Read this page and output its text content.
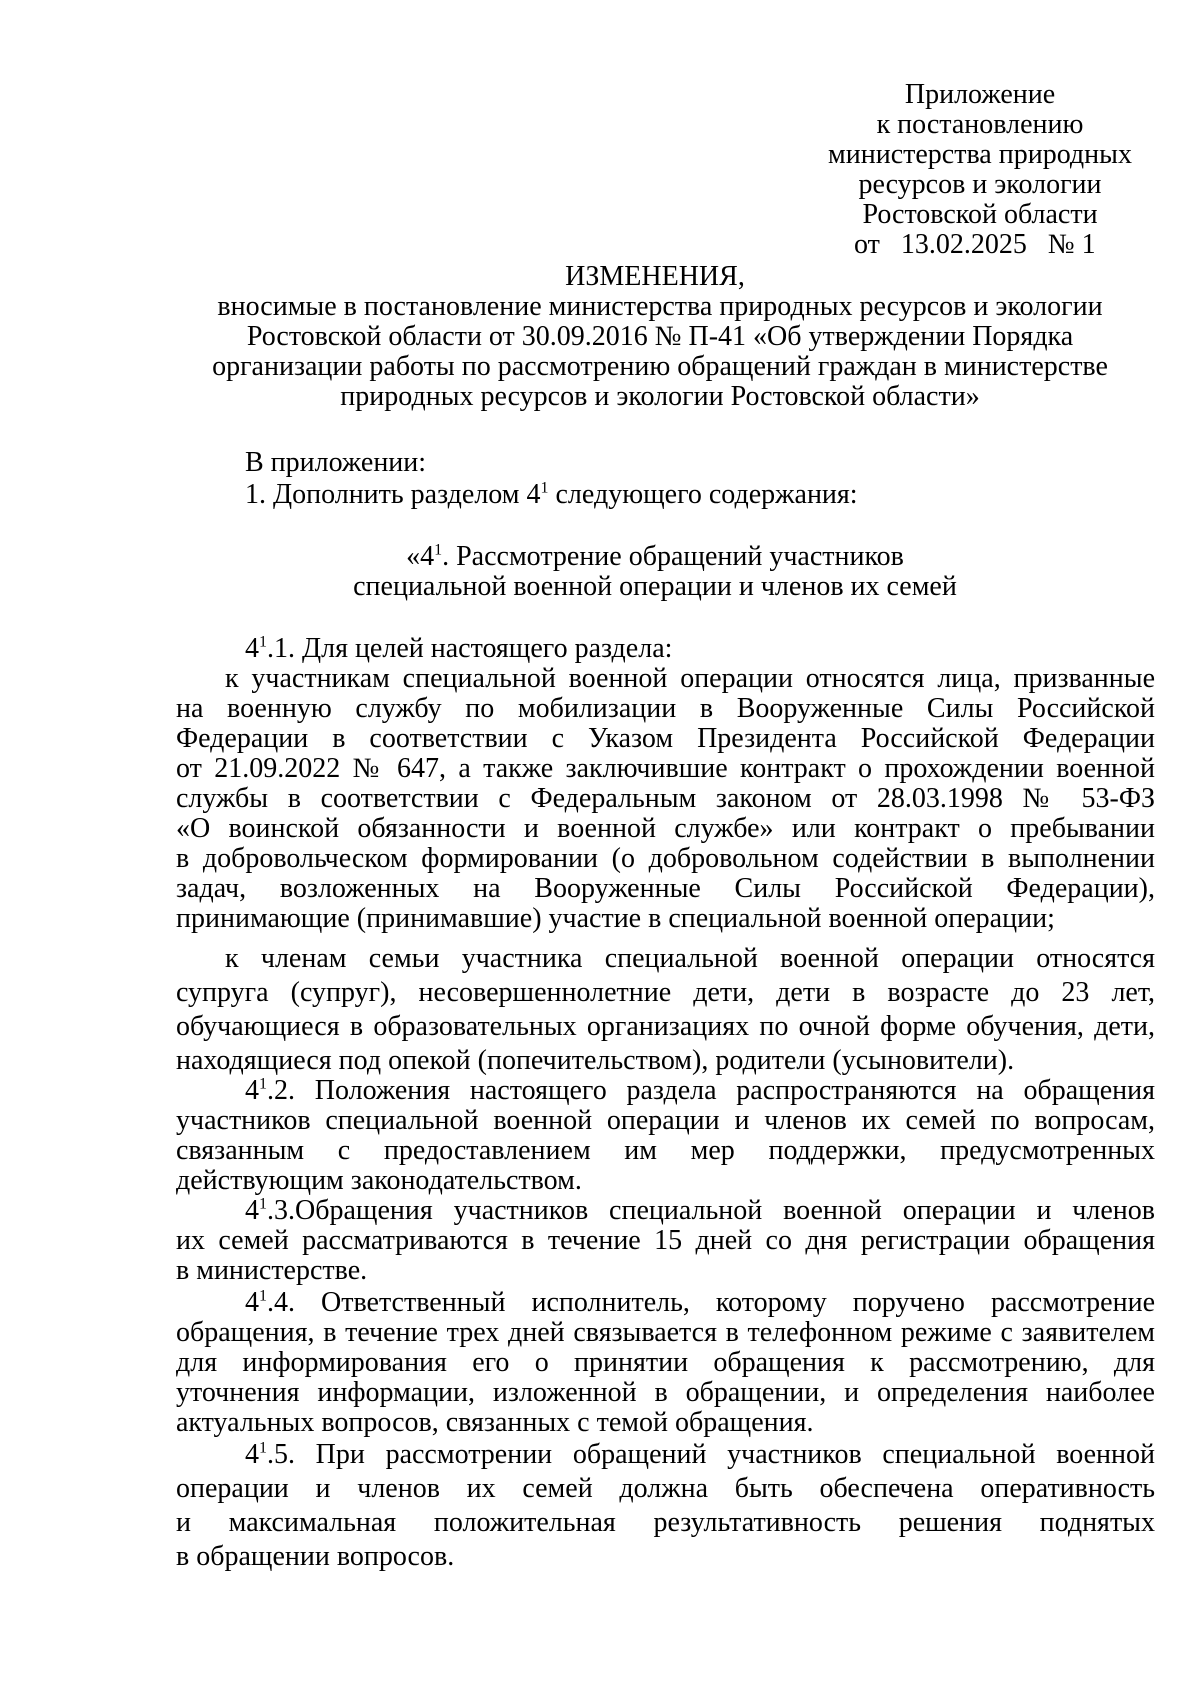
Приложение
к постановлению
министерства природных
ресурсов и экологии
Ростовской области
от   13.02.2025   № 1
ИЗМЕНЕНИЯ,
вносимые в постановление министерства природных ресурсов и экологии
Ростовской области от 30.09.2016 № П-41 «Об утверждении Порядка
организации работы по рассмотрению обращений граждан в министерстве
природных ресурсов и экологии Ростовской области»
В приложении:
1. Дополнить разделом $4^1$ следующего содержания:
«$4^1$. Рассмотрение обращений участников
специальной военной операции и членов их семей
$4^1.1$. Для целей настоящего раздела:
к участникам специальной военной операции относятся лица, призванные
на военную службу по мобилизации в Вооруженные Силы Российской
Федерации в соответствии с Указом Президента Российской Федерации
от 21.09.2022 № 647, а также заключившие контракт о прохождении военной
службы в соответствии с Федеральным законом от 28.03.1998 № 53-ФЗ
«О воинской обязанности и военной службе» или контракт о пребывании
в добровольческом формировании (о добровольном содействии в выполнении
задач, возложенных на Вооруженные Силы Российской Федерации),
принимающие (принимавшие) участие в специальной военной операции;
к членам семьи участника специальной военной операции относятся
супруга (супруг), несовершеннолетние дети, дети в возрасте до 23 лет,
обучающиеся в образовательных организациях по очной форме обучения, дети,
находящиеся под опекой (попечительством), родители (усыновители).
$4^1.2$. Положения настоящего раздела распространяются на обращения
участников специальной военной операции и членов их семей по вопросам,
связанным с предоставлением им мер поддержки, предусмотренных
действующим законодательством.
$4^1.3.Обращения$ участников специальной военной операции и членов
их семей рассматриваются в течение 15 дней со дня регистрации обращения
в министерстве.
$4^1.4$. Ответственный исполнитель, которому поручено рассмотрение
обращения, в течение трех дней связывается в телефонном режиме с заявителем
для информирования его о принятии обращения к рассмотрению, для
уточнения информации, изложенной в обращении, и определения наиболее
актуальных вопросов, связанных с темой обращения.
$4^1.5$. При рассмотрении обращений участников специальной военной
операции и членов их семей должна быть обеспечена оперативность
и максимальная положительная результативность решения поднятых
в обращении вопросов.
